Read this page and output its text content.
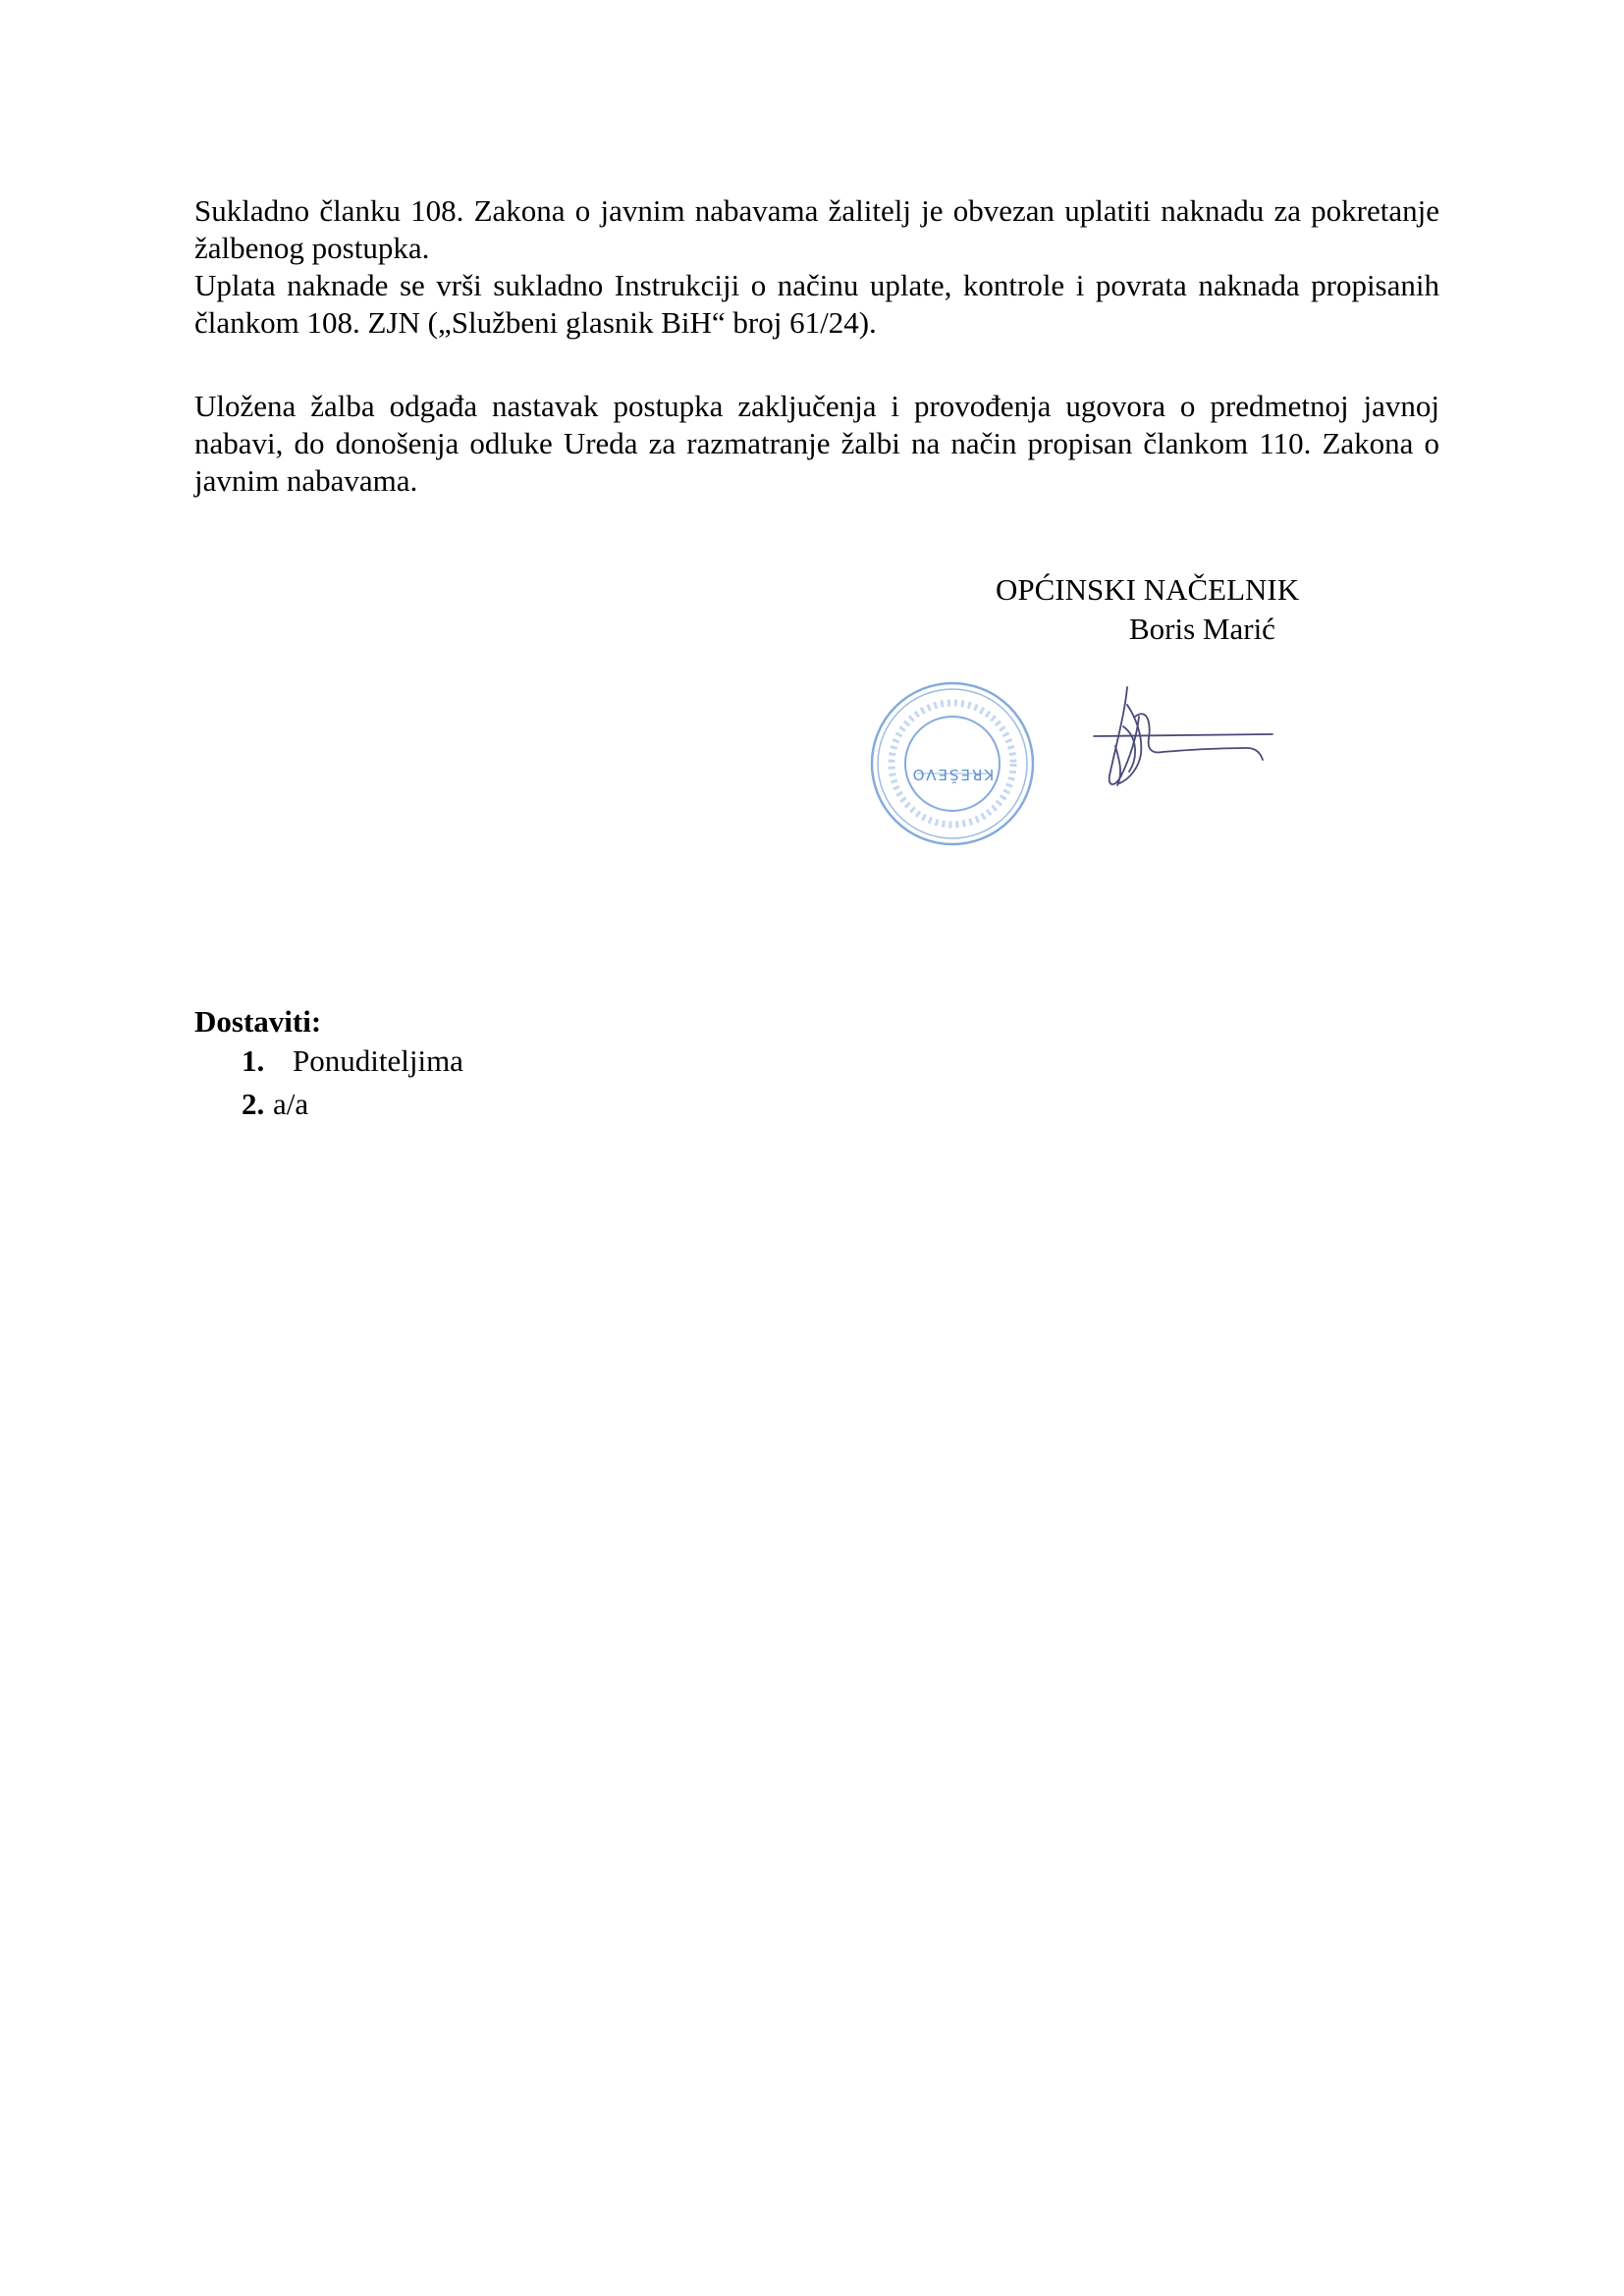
Sukladno članku 108. Zakona o javnim nabavama žalitelj je obvezan uplatiti naknadu za pokretanje žalbenog postupka.
Uplata naknade se vrši sukladno Instrukciji o načinu uplate, kontrole i povrata naknada propisanih člankom 108. ZJN („Službeni glasnik BiH“ broj 61/24).
Uložena žalba odgađa nastavak postupka zaključenja i provođenja ugovora o predmetnoj javnoj nabavi, do donošenja odluke Ureda za razmatranje žalbi na način propisan člankom 110. Zakona o javnim nabavama.
OPĆINSKI NAČELNIK
Boris Marić
KREŠEVO
Dostaviti:
1. Ponuditeljima
2. a/a
